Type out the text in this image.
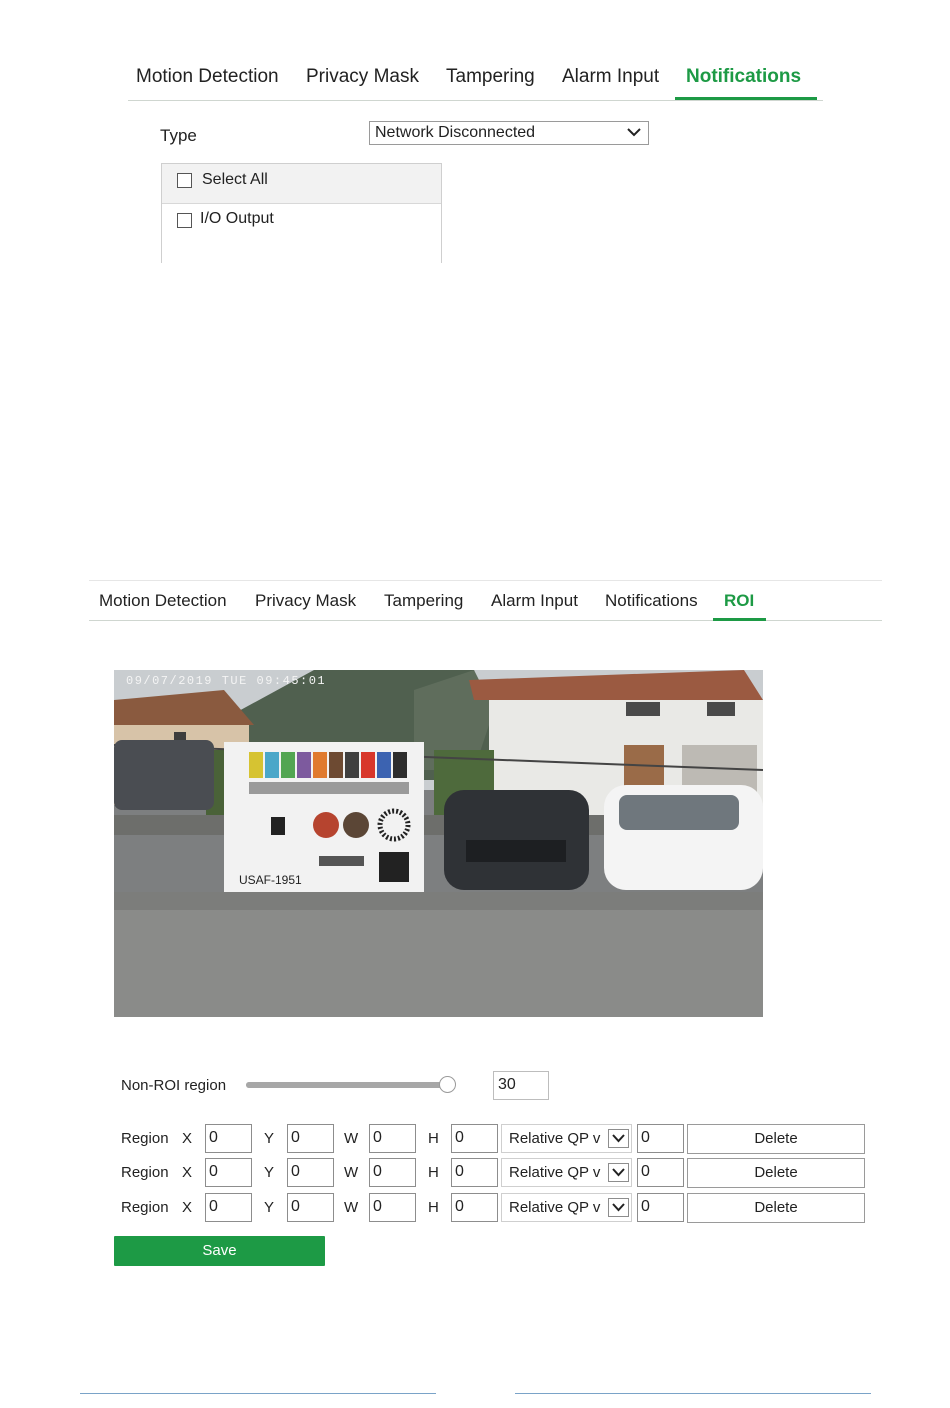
Motion Detection Privacy Mask Tampering Alarm Input Notifications
Type	Network Disconnected
Select All
I/O Output
Motion Detection Privacy Mask Tampering Alarm Input Notifications ROI
USAF-1951
09/07/2019 TUE 09:45:01
Non-ROI region	30
Region X 0	Y 0	W 0	H 0	Relative QP v	0	Delete
Region X 0	Y 0	W 0	H 0	Relative QP v	0	Delete
Region X 0	Y 0	W 0	H 0	Relative QP v	0	Delete
Save
